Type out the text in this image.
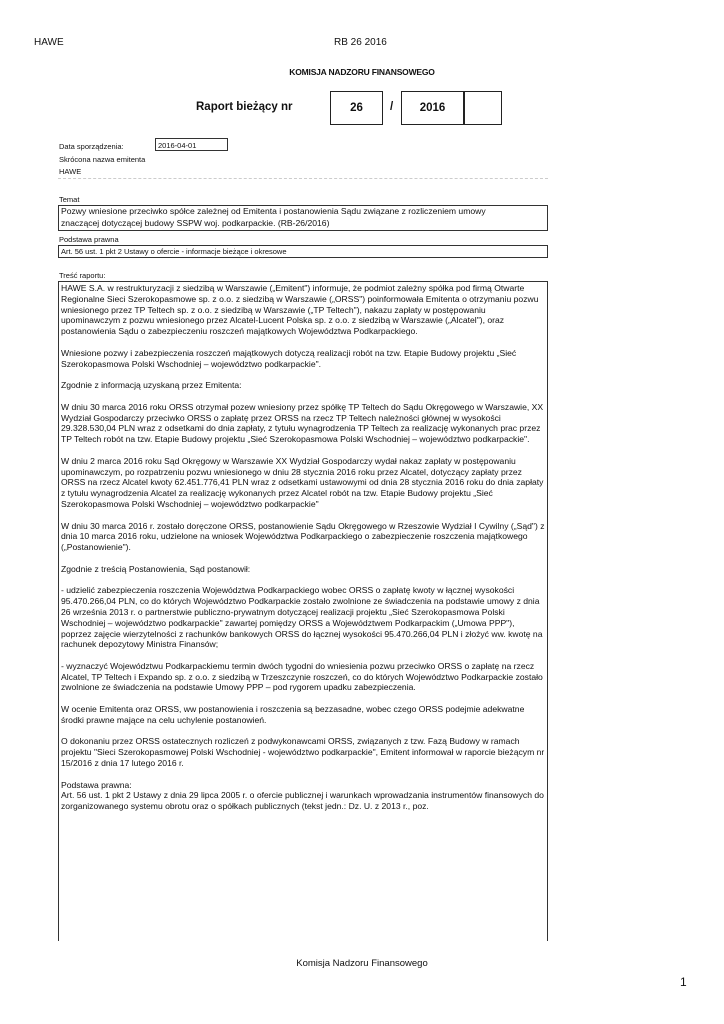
HAWE	RB 26 2016
KOMISJA NADZORU FINANSOWEGO
Raport bieżący nr	26 / 2016
Data sporządzenia:	2016-04-01
Skrócona nazwa emitenta
HAWE
Temat
Pozwy wniesione przeciwko spółce zależnej od Emitenta i postanowienia Sądu związane z rozliczeniem umowy
znaczącej dotyczącej budowy SSPW woj. podkarpackie. (RB-26/2016)
Podstawa prawna
Art. 56 ust. 1 pkt 2 Ustawy o ofercie - informacje bieżące i okresowe
Treść raportu:

HAWE S.A. w restrukturyzacji z siedzibą w Warszawie („Emitent") informuje, że podmiot zależny spółka pod firmą Otwarte Regionalne Sieci Szerokopasmowe sp. z o.o. z siedzibą w Warszawie („ORSS") poinformowała Emitenta o otrzymaniu pozwu wniesionego przez TP Teltech sp. z o.o. z siedzibą w Warszawie („TP Teltech"), nakazu zapłaty w postępowaniu upominawczym z pozwu wniesionego przez Alcatel-Lucent Polska sp. z o.o. z siedzibą w Warszawie („Alcatel"), oraz postanowienia Sądu o zabezpieczeniu roszczeń majątkowych Województwa Podkarpackiego.

Wniesione pozwy i zabezpieczenia roszczeń majątkowych dotyczą realizacji robót na tzw. Etapie Budowy projektu „Sieć Szerokopasmowa Polski Wschodniej – województwo podkarpackie".

Zgodnie z informacją uzyskaną przez Emitenta:

W dniu 30 marca 2016 roku ORSS otrzymał pozew wniesiony przez spółkę TP Teltech do Sądu Okręgowego w Warszawie, XX Wydział Gospodarczy przeciwko ORSS o zapłatę przez ORSS na rzecz TP Teltech należności głównej w wysokości 29.328.530,04 PLN wraz z odsetkami do dnia zapłaty, z tytułu wynagrodzenia TP Teltech za realizację wykonanych prac przez TP Teltech robót na tzw. Etapie Budowy projektu „Sieć Szerokopasmowa Polski Wschodniej – województwo podkarpackie".

W dniu 2 marca 2016 roku Sąd Okręgowy w Warszawie XX Wydział Gospodarczy wydał nakaz zapłaty w postępowaniu upominawczym, po rozpatrzeniu pozwu wniesionego w dniu 28 stycznia 2016 roku przez Alcatel, dotyczący zapłaty przez ORSS na rzecz Alcatel kwoty 62.451.776,41 PLN wraz z odsetkami ustawowymi od dnia 28 stycznia 2016 roku do dnia zapłaty z tytułu wynagrodzenia Alcatel za realizację wykonanych przez Alcatel robót na tzw. Etapie Budowy projektu „Sieć Szerokopasmowa Polski Wschodniej – województwo podkarpackie"

W dniu 30 marca 2016 r. zostało doręczone ORSS, postanowienie Sądu Okręgowego w Rzeszowie Wydział I Cywilny („Sąd") z dnia 10 marca 2016 roku, udzielone na wniosek Województwa Podkarpackiego o zabezpieczenie roszczenia majątkowego („Postanowienie").

Zgodnie z treścią Postanowienia, Sąd postanowił:

- udzielić zabezpieczenia roszczenia Województwa Podkarpackiego wobec ORSS o zapłatę kwoty w łącznej wysokości 95.470.266,04 PLN, co do których Województwo Podkarpackie zostało zwolnione ze świadczenia na podstawie umowy z dnia 26 września 2013 r. o partnerstwie publiczno-prywatnym dotyczącej realizacji projektu „Sieć Szerokopasmowa Polski Wschodniej – województwo podkarpackie" zawartej pomiędzy ORSS a Województwem Podkarpackim („Umowa PPP"), poprzez zajęcie wierzytelności z rachunków bankowych ORSS do łącznej wysokości 95.470.266,04 PLN i złożyć ww. kwotę na rachunek depozytowy Ministra Finansów;

- wyznaczyć Województwu Podkarpackiemu termin dwóch tygodni do wniesienia pozwu przeciwko ORSS o zapłatę na rzecz Alcatel, TP Teltech i Expando sp. z o.o. z siedzibą w Trzeszczynie roszczeń, co do których Województwo Podkarpackie zostało zwolnione ze świadczenia na podstawie Umowy PPP – pod rygorem upadku zabezpieczenia.

W ocenie Emitenta oraz ORSS, ww postanowienia i roszczenia są bezzasadne, wobec czego ORSS podejmie adekwatne środki prawne mające na celu uchylenie postanowień.

O dokonaniu przez ORSS ostatecznych rozliczeń z podwykonawcami ORSS, związanych z tzw. Fazą Budowy w ramach projektu "Sieci Szerokopasmowej Polski Wschodniej - województwo podkarpackie", Emitent informował w raporcie bieżącym nr 15/2016 z dnia 17 lutego 2016 r.

Podstawa prawna:

Art. 56 ust. 1 pkt 2 Ustawy z dnia 29 lipca 2005 r. o ofercie publicznej i warunkach wprowadzania instrumentów finansowych do zorganizowanego systemu obrotu oraz o spółkach publicznych (tekst jedn.: Dz. U. z 2013 r., poz.

Komisja Nadzoru Finansowego
1
